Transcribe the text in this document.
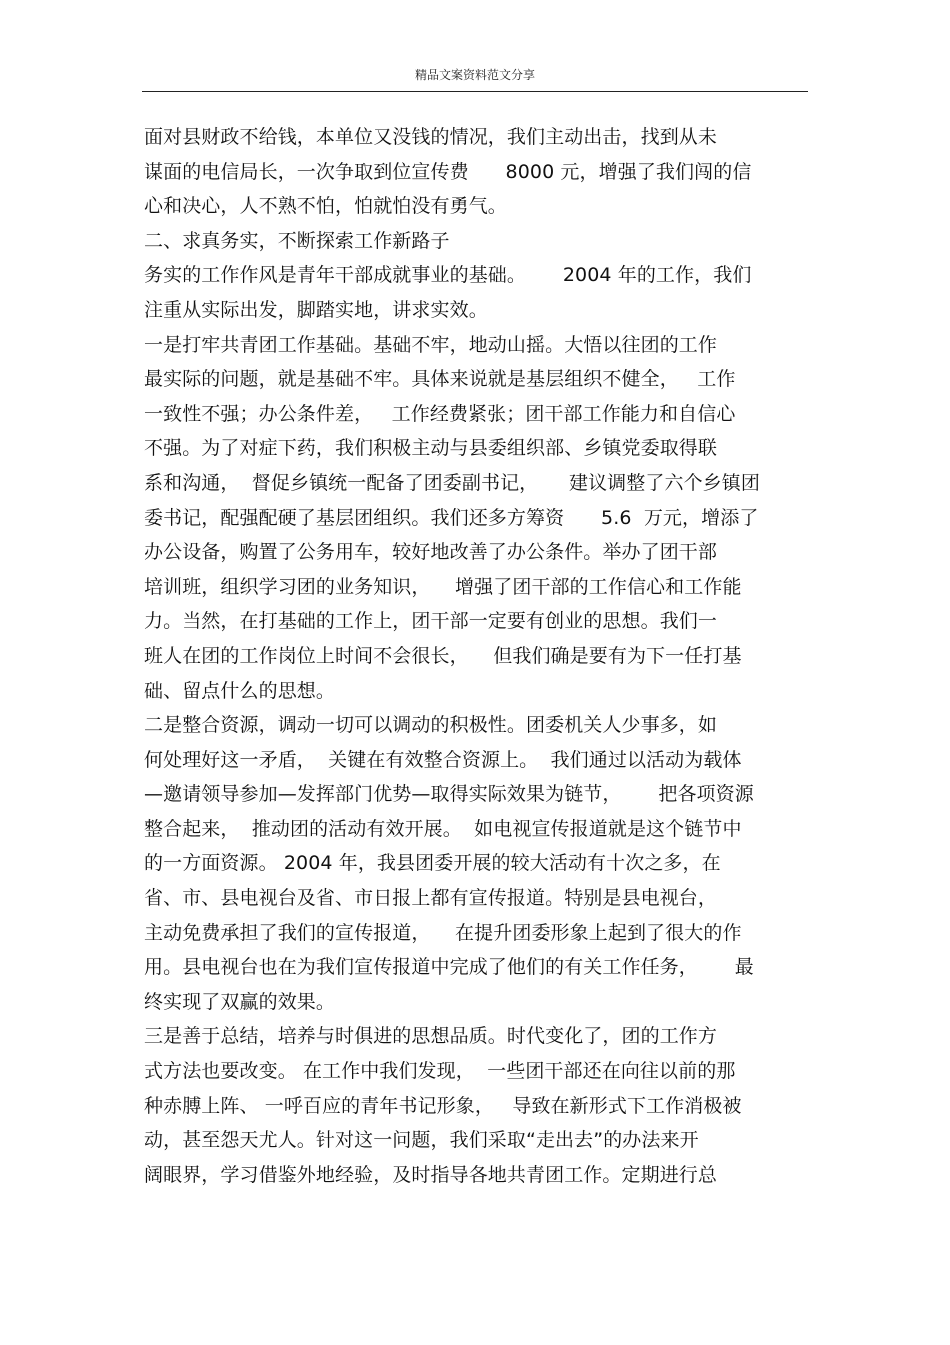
精品文案资料范文分享
面对县财政不给钱，本单位又没钱的情况，我们主动出击，找到从未
谋面的电信局长，一次争取到位宣传费      8000 元，增强了我们闯的信
心和决心，人不熟不怕，怕就怕没有勇气。
二、求真务实，不断探索工作新路子
务实的工作作风是青年干部成就事业的基础。      2004 年的工作，我们
注重从实际出发，脚踏实地，讲求实效。
一是打牢共青团工作基础。基础不牢，地动山摇。大悟以往团的工作
最实际的问题，就是基础不牢。具体来说就是基层组织不健全，   工作
一致性不强；办公条件差，   工作经费紧张；团干部工作能力和自信心
不强。为了对症下药，我们积极主动与县委组织部、乡镇党委取得联
系和沟通，  督促乡镇统一配备了团委副书记，     建议调整了六个乡镇团
委书记，配强配硬了基层团组织。我们还多方筹资      5.6  万元，增添了
办公设备，购置了公务用车，较好地改善了办公条件。举办了团干部
培训班，组织学习团的业务知识，    增强了团干部的工作信心和工作能
力。当然，在打基础的工作上，团干部一定要有创业的思想。我们一
班人在团的工作岗位上时间不会很长，    但我们确是要有为下一任打基
础、留点什么的思想。
二是整合资源，调动一切可以调动的积极性。团委机关人少事多，如
何处理好这一矛盾，  关键在有效整合资源上。  我们通过以活动为载体
—邀请领导参加—发挥部门优势—取得实际效果为链节，      把各项资源
整合起来，  推动团的活动有效开展。  如电视宣传报道就是这个链节中
的一方面资源。 2004 年，我县团委开展的较大活动有十次之多，在
省、市、县电视台及省、市日报上都有宣传报道。特别是县电视台，
主动免费承担了我们的宣传报道，    在提升团委形象上起到了很大的作
用。县电视台也在为我们宣传报道中完成了他们的有关工作任务，      最
终实现了双赢的效果。
三是善于总结，培养与时俱进的思想品质。时代变化了，团的工作方
式方法也要改变。 在工作中我们发现，  一些团干部还在向往以前的那
种赤膊上阵、 一呼百应的青年书记形象，   导致在新形式下工作消极被
动，甚至怨天尤人。针对这一问题，我们采取“走出去”的办法来开
阔眼界，学习借鉴外地经验，及时指导各地共青团工作。定期进行总
